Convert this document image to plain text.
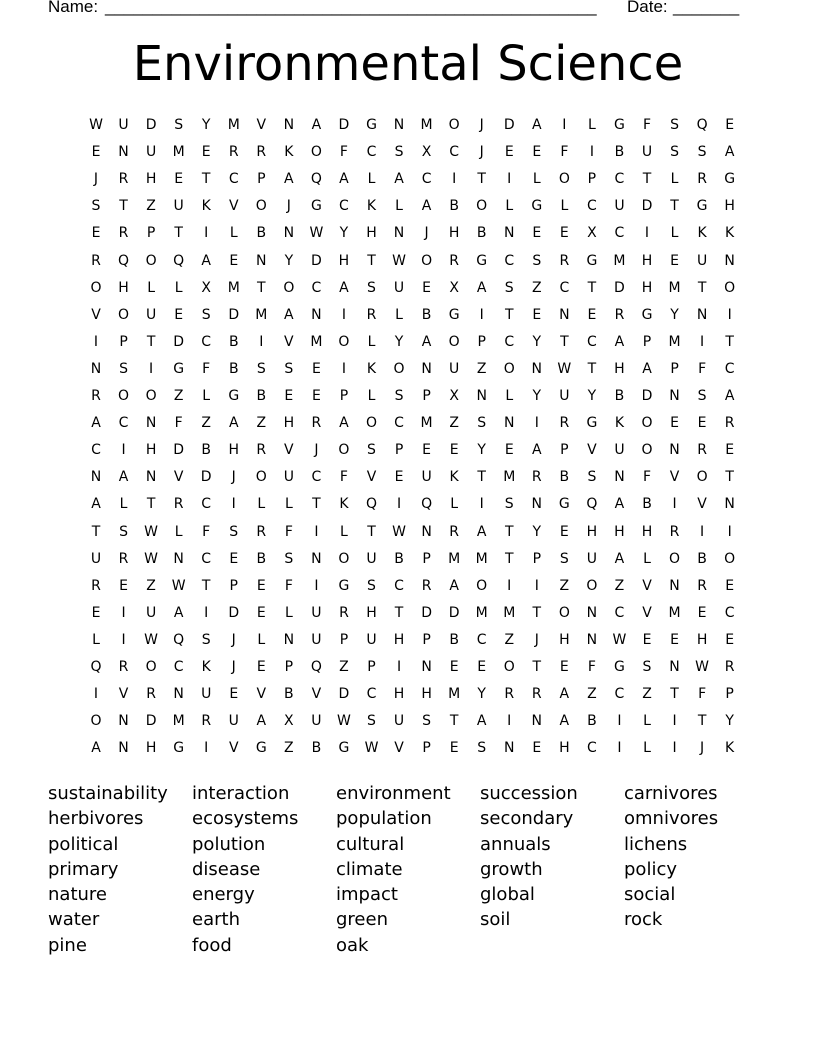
Name: ____________________________________________________ Date: _______
Environmental Science
W	U	D	S	Y	M	V	N	A	D	G	N	M	O	J	D	A	I	L	G	F	S	Q	E
E	N	U	M	E	R	R	K	O	F	C	S	X	C	J	E	E	F	I	B	U	S	S	A
J	R	H	E	T	C	P	A	Q	A	L	A	C	I	T	I	L	O	P	C	T	L	R	G
S	T	Z	U	K	V	O	J	G	C	K	L	A	B	O	L	G	L	C	U	D	T	G	H
E	R	P	T	I	L	B	N	W	Y	H	N	J	H	B	N	E	E	X	C	I	L	K	K
R	Q	O	Q	A	E	N	Y	D	H	T	W	O	R	G	C	S	R	G	M	H	E	U	N
O	H	L	L	X	M	T	O	C	A	S	U	E	X	A	S	Z	C	T	D	H	M	T	O
V	O	U	E	S	D	M	A	N	I	R	L	B	G	I	T	E	N	E	R	G	Y	N	I
I	P	T	D	C	B	I	V	M	O	L	Y	A	O	P	C	Y	T	C	A	P	M	I	T
N	S	I	G	F	B	S	S	E	I	K	O	N	U	Z	O	N	W	T	H	A	P	F	C
R	O	O	Z	L	G	B	E	E	P	L	S	P	X	N	L	Y	U	Y	B	D	N	S	A
A	C	N	F	Z	A	Z	H	R	A	O	C	M	Z	S	N	I	R	G	K	O	E	E	R
C	I	H	D	B	H	R	V	J	O	S	P	E	E	Y	E	A	P	V	U	O	N	R	E
N	A	N	V	D	J	O	U	C	F	V	E	U	K	T	M	R	B	S	N	F	V	O	T
A	L	T	R	C	I	L	L	T	K	Q	I	Q	L	I	S	N	G	Q	A	B	I	V	N
T	S	W	L	F	S	R	F	I	L	T	W	N	R	A	T	Y	E	H	H	H	R	I	I
U	R	W	N	C	E	B	S	N	O	U	B	P	M M	T	P	S	U	A	L	O	B	O
R	E	Z	W	T	P	E	F	I	G	S	C	R	A	O	I	I	Z	O	Z	V	N	R	E
E	I	U	A	I	D	E	L	U	R	H	T	D	D	M M	T	O	N	C	V	M	E	C
L	I	W	Q	S	J	L	N	U	P	U	H	P	B	C	Z	J	H	N	W	E	E	H	E
Q	R	O	C	K	J	E	P	Q	Z	P	I	N	E	E	O	T	E	F	G	S	N	W	R
I	V	R	N	U	E	V	B	V	D	C	H	H	M	Y	R	R	A	Z	C	Z	T	F	P
O	N	D	M	R	U	A	X	U	W	S	U	S	T	A	I	N	A	B	I	L	I	T	Y
A	N	H	G	I	V	G	Z	B	G	W	V	P	E	S	N	E	H	C	I	L	I	J	K
sustainability
herbivores
political
primary
nature
water
pine
interaction
ecosystems
polution
disease
energy
earth
food
environment
population
cultural
climate
impact
green
oak
succession
secondary
annuals
growth
global
soil
carnivores
omnivores
lichens
policy
social
rock
